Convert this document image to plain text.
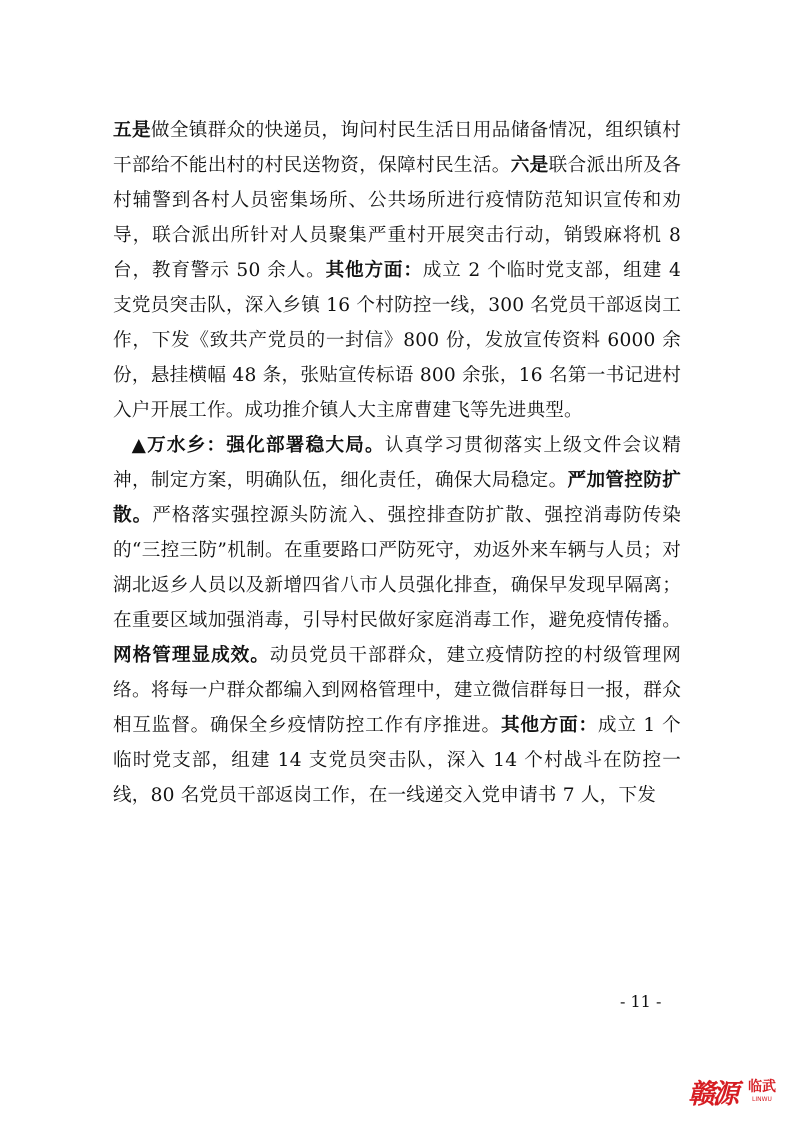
五是做全镇群众的快递员，询问村民生活日用品储备情况，组织镇村干部给不能出村的村民送物资，保障村民生活。六是联合派出所及各村辅警到各村人员密集场所、公共场所进行疫情防范知识宣传和劝导，联合派出所针对人员聚集严重村开展突击行动，销毁麻将机 8 台，教育警示 50 余人。其他方面：成立 2 个临时党支部，组建 4 支党员突击队，深入乡镇 16 个村防控一线，300 名党员干部返岗工作，下发《致共产党员的一封信》800 份，发放宣传资料 6000 余份，悬挂横幅 48 条，张贴宣传标语 800 余张，16 名第一书记进村入户开展工作。成功推介镇人大主席曹建飞等先进典型。

▲万水乡：强化部署稳大局。认真学习贯彻落实上级文件会议精神，制定方案，明确队伍，细化责任，确保大局稳定。严加管控防扩散。严格落实强控源头防流入、强控排查防扩散、强控消毒防传染的“三控三防”机制。在重要路口严防死守，劝返外来车辆与人员；对湖北返乡人员以及新增四省八市人员强化排查，确保早发现早隔离；在重要区域加强消毒，引导村民做好家庭消毒工作，避免疫情传播。网格管理显成效。动员党员干部群众，建立疫情防控的村级管理网络。将每一户群众都编入到网格管理中，建立微信群每日一报，群众相互监督。确保全乡疫情防控工作有序推进。其他方面：成立 1 个临时党支部，组建 14 支党员突击队，深入 14 个村战斗在防控一线，80 名党员干部返岗工作，在一线递交入党申请书 7 人，下发

- 11 -
赣源 临武
LINWU
